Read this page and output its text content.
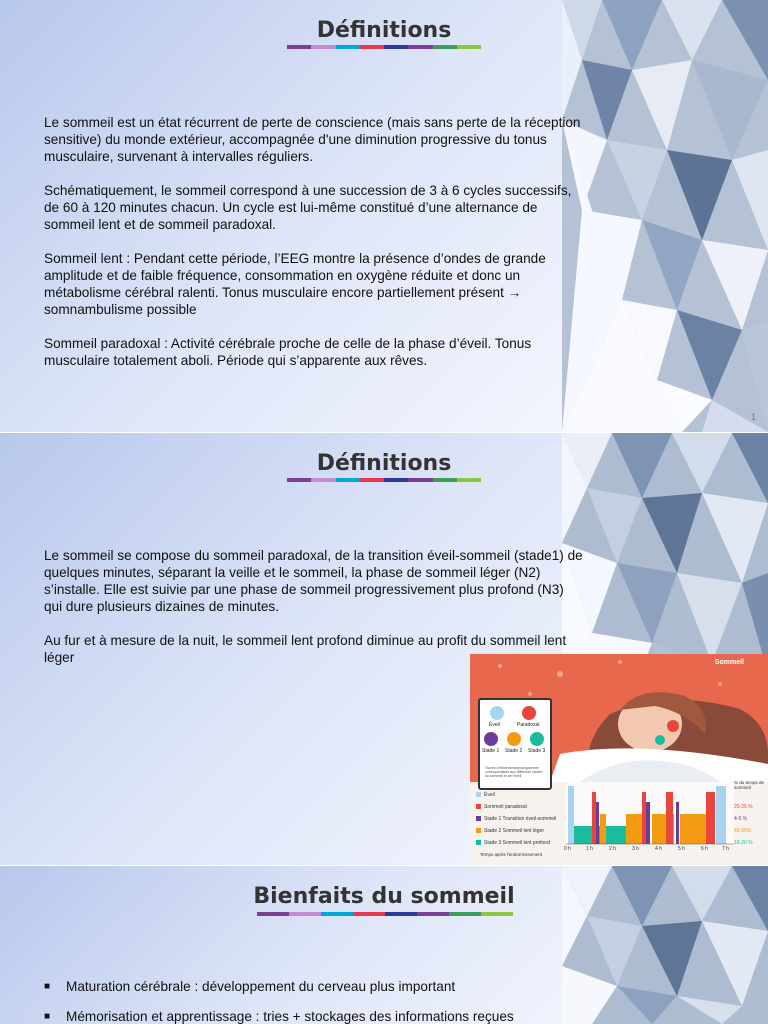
Définitions

Le sommeil est un état récurrent de perte de conscience (mais sans perte de la réception sensitive) du monde extérieur, accompagnée d'une diminution progressive du tonus musculaire, survenant à intervalles réguliers.

Schématiquement, le sommeil correspond à une succession de 3 à 6 cycles successifs, de 60 à 120 minutes chacun. Un cycle est lui-même constitué d’une alternance de sommeil lent et de sommeil paradoxal.

Sommeil lent : Pendant cette période, l’EEG montre la présence d’ondes de grande amplitude et de faible fréquence, consommation en oxygène réduite et donc un métabolisme cérébral ralenti. Tonus musculaire encore partiellement présent → somnambulisme possible

Sommeil paradoxal : Activité cérébrale proche de celle de la phase d’éveil. Tonus musculaire totalement aboli. Période qui s’apparente aux rêves.

1
Définitions

Le sommeil se compose du sommeil paradoxal, de la transition éveil-sommeil (stade1) de quelques minutes, séparant la veille et le sommeil, la phase de sommeil léger (N2) s’installe. Elle est suivie par une phase de sommeil progressivement plus profond (N3) qui dure plusieurs dizaines de minutes.

Au fur et à mesure de la nuit, le sommeil lent profond diminue au profit du sommeil lent léger	Sommeil
Éveil	Paradoxal
Stade 1 Stade 2 Stade 3
Tracés d'électroencéphalogramme correspondants aux différents stades du sommeil et de l'éveil
Éveil
Sommeil paradoxal
Stade 1 Transition éveil-sommeil
Stade 2 Sommeil lent léger
Stade 3 Sommeil lent profond
0 h	1 h	2 h	3 h	4 h	5 h	6 h	7 h
Temps après l'endormissement
% du temps de sommeil
20-25 %
4-5 %
45-55%
16-20 %
Bienfaits du sommeil
■ Maturation cérébrale : développement du cerveau plus important
■ Mémorisation et apprentissage : tries + stockages des informations reçues
